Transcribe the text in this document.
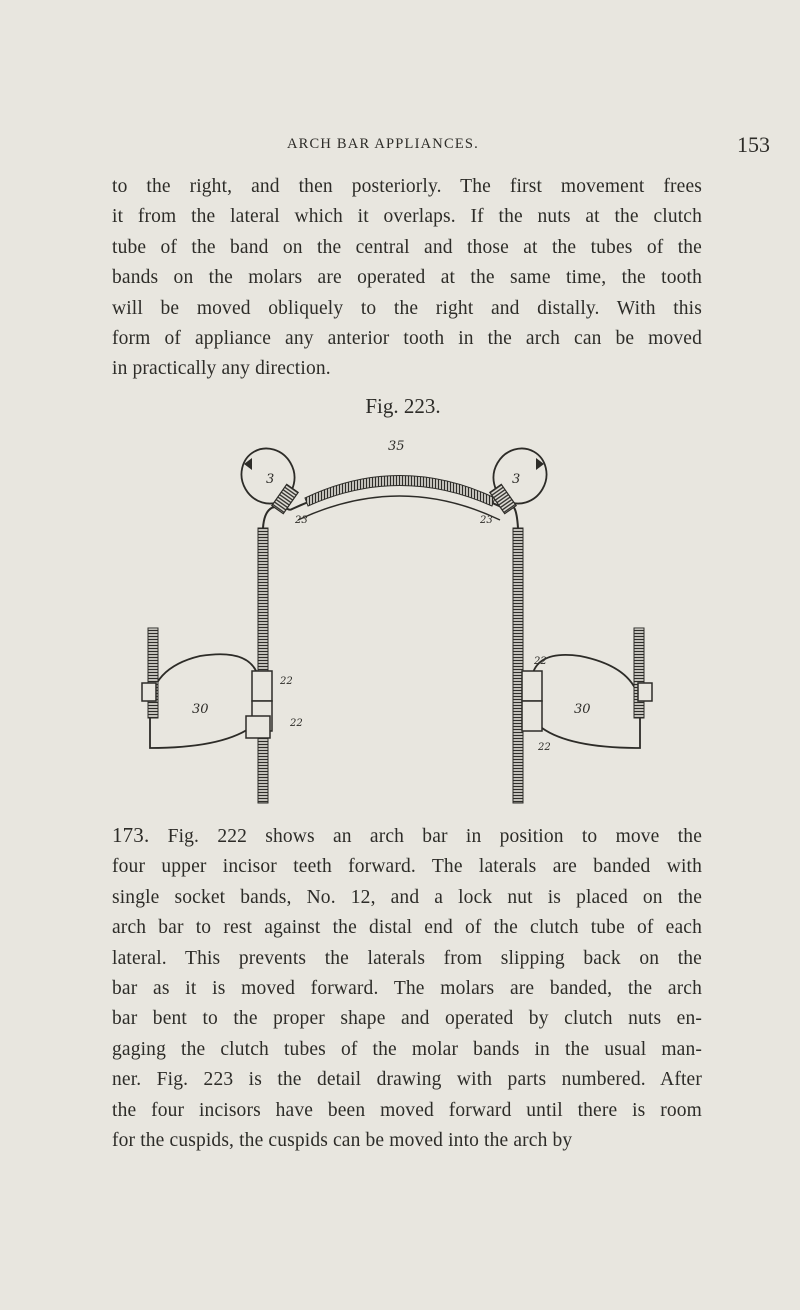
ARCH BAR APPLIANCES.	153
to the right, and then posteriorly. The first movement frees
it from the lateral which it overlaps. If the nuts at the clutch
tube of the band on the central and those at the tubes of the
bands on the molars are operated at the same time, the tooth
will be moved obliquely to the right and distally. With this
form of appliance any anterior tooth in the arch can be moved
in practically any direction.
Fig. 223.
35
3	3
23	23
30	30
22
22
22
22
173. Fig. 222 shows an arch bar in position to move the
four upper incisor teeth forward. The laterals are banded with
single socket bands, No. 12, and a lock nut is placed on the
arch bar to rest against the distal end of the clutch tube of each
lateral. This prevents the laterals from slipping back on the
bar as it is moved forward. The molars are banded, the arch
bar bent to the proper shape and operated by clutch nuts en-
gaging the clutch tubes of the molar bands in the usual man-
ner. Fig. 223 is the detail drawing with parts numbered. After
the four incisors have been moved forward until there is room
for the cuspids, the cuspids can be moved into the arch by
